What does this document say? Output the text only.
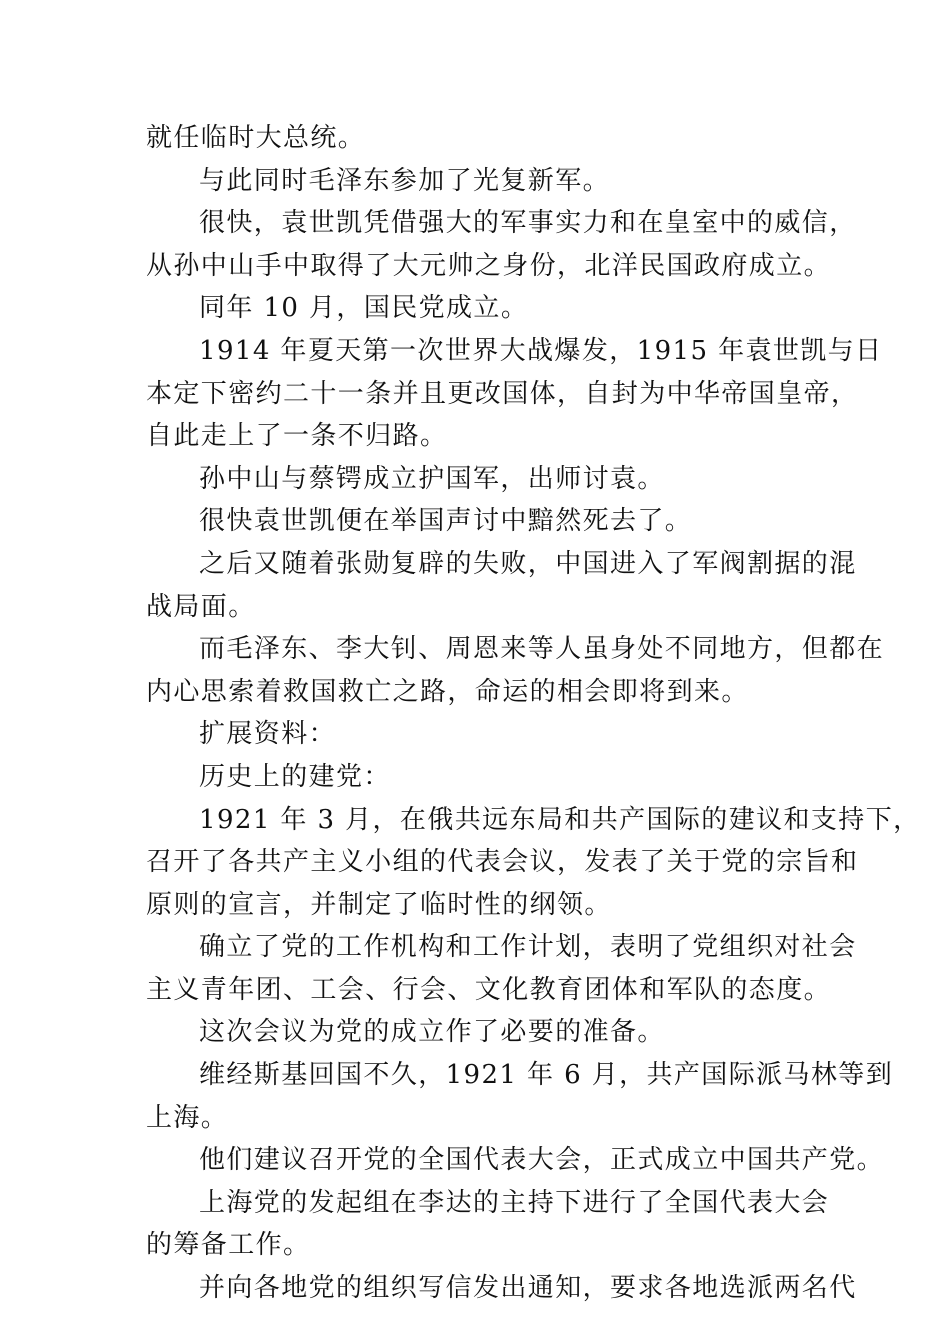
就任临时大总统。
与此同时毛泽东参加了光复新军。
很快，袁世凯凭借强大的军事实力和在皇室中的威信，
从孙中山手中取得了大元帅之身份，北洋民国政府成立。
同年 10 月，国民党成立。
1914 年夏天第一次世界大战爆发，1915 年袁世凯与日
本定下密约二十一条并且更改国体，自封为中华帝国皇帝，
自此走上了一条不归路。
孙中山与蔡锷成立护国军，出师讨袁。
很快袁世凯便在举国声讨中黯然死去了。
之后又随着张勋复辟的失败，中国进入了军阀割据的混
战局面。
而毛泽东、李大钊、周恩来等人虽身处不同地方，但都在
内心思索着救国救亡之路，命运的相会即将到来。
扩展资料：
历史上的建党：
1921 年 3 月，在俄共远东局和共产国际的建议和支持下，
召开了各共产主义小组的代表会议，发表了关于党的宗旨和
原则的宣言，并制定了临时性的纲领。
确立了党的工作机构和工作计划，表明了党组织对社会
主义青年团、工会、行会、文化教育团体和军队的态度。
这次会议为党的成立作了必要的准备。
维经斯基回国不久，1921 年 6 月，共产国际派马林等到
上海。
他们建议召开党的全国代表大会，正式成立中国共产党。
上海党的发起组在李达的主持下进行了全国代表大会
的筹备工作。
并向各地党的组织写信发出通知，要求各地选派两名代
